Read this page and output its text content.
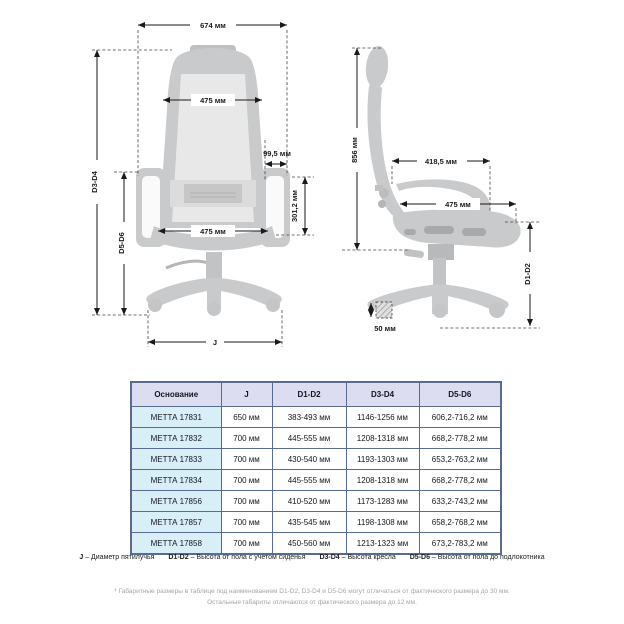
674 мм
D3-D4
D5-D6
475 мм
99,5 мм
301,2 мм
475 мм
J
856 мм	418,5 мм
475 мм
D1-D2
50 мм
Основание	J	D1-D2	D3-D4	D5-D6
МЕТТА 17831	650 мм	383-493 мм	1146-1256 мм	606,2-716,2 мм
МЕТТА 17832	700 мм	445-555 мм	1208-1318 мм	668,2-778,2 мм
МЕТТА 17833	700 мм	430-540 мм	1193-1303 мм	653,2-763,2 мм
МЕТТА 17834	700 мм	445-555 мм	1208-1318 мм	668,2-778,2 мм
МЕТТА 17856	700 мм	410-520 мм	1173-1283 мм	633,2-743,2 мм
МЕТТА 17857	700 мм	435-545 мм	1198-1308 мм	658,2-768,2 мм
МЕТТА 17858	700 мм	450-560 мм	1213-1323 мм	673,2-783,2 мм
J – Диаметр пятилучья D1-D2 – Высота от пола с учетом сиденья D3-D4 – Высота кресла D5-D6 – Высота от пола до подлокотника
* Габаритные размеры в таблице под наименованием D1-D2, D3-D4 и D5-D6 могут отличаться от фактического размера до 30 мм.
Остальные габариты отличаются от фактического размера до 12 мм.
